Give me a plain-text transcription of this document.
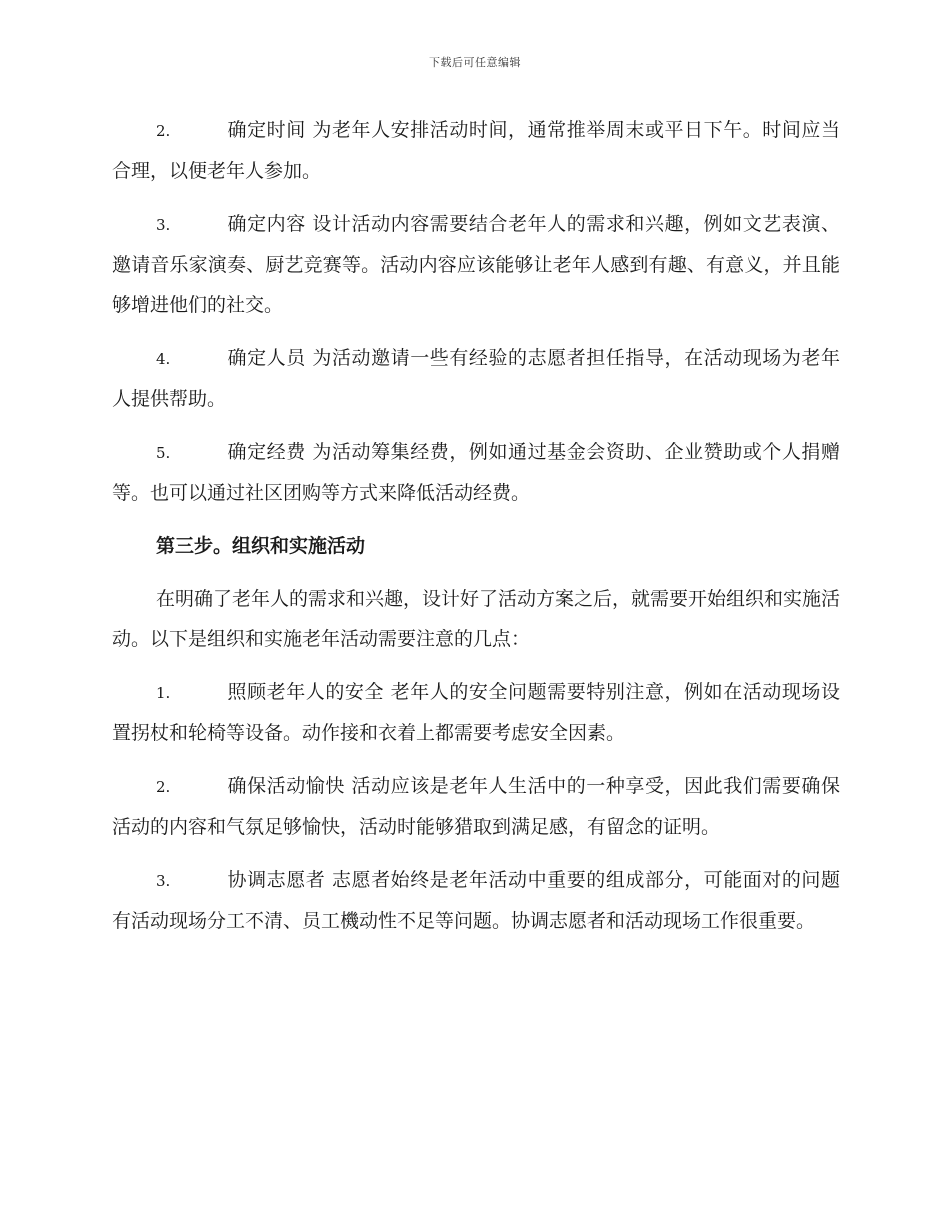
下载后可任意编辑

2.	确定时间 为老年人安排活动时间，通常推举周末或平日下午。时间应当合理，以便老年人参加。

3.	确定内容 设计活动内容需要结合老年人的需求和兴趣，例如文艺表演、邀请音乐家演奏、厨艺竞赛等。活动内容应该能够让老年人感到有趣、有意义，并且能够增进他们的社交。

4.	确定人员 为活动邀请一些有经验的志愿者担任指导，在活动现场为老年人提供帮助。

5.	确定经费 为活动筹集经费，例如通过基金会资助、企业赞助或个人捐赠等。也可以通过社区团购等方式来降低活动经费。

第三步。组织和实施活动

在明确了老年人的需求和兴趣，设计好了活动方案之后，就需要开始组织和实施活动。以下是组织和实施老年活动需要注意的几点：

1.	照顾老年人的安全 老年人的安全问题需要特别注意，例如在活动现场设置拐杖和轮椅等设备。动作接和衣着上都需要考虑安全因素。

2.	确保活动愉快 活动应该是老年人生活中的一种享受，因此我们需要确保活动的内容和气氛足够愉快，活动时能够猎取到满足感，有留念的证明。

3.	协调志愿者 志愿者始终是老年活动中重要的组成部分，可能面对的问题有活动现场分工不清、员工機动性不足等问题。协调志愿者和活动现场工作很重要。
